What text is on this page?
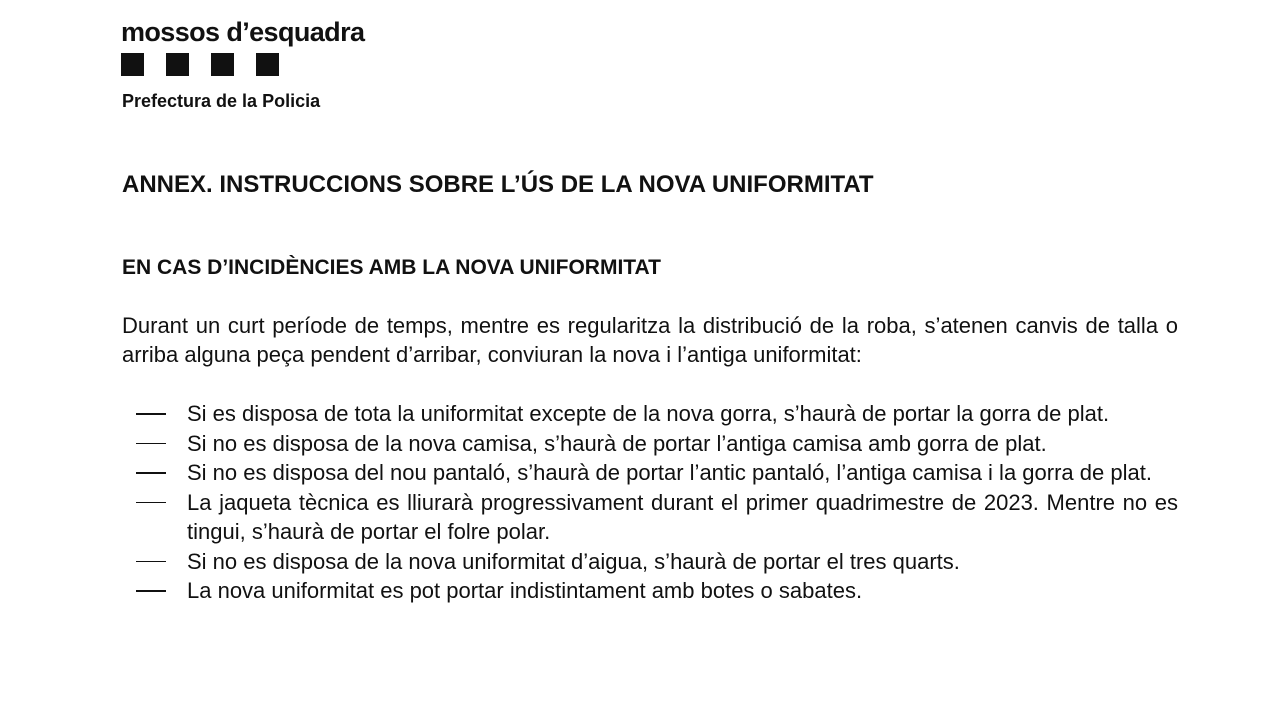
mossos d’esquadra
Prefectura de la Policia
ANNEX. INSTRUCCIONS SOBRE L’ÚS DE LA NOVA UNIFORMITAT
EN CAS D’INCIDÈNCIES AMB LA NOVA UNIFORMITAT

Durant un curt període de temps, mentre es regularitza la distribució de la roba, s’atenen canvis de talla o arriba alguna peça pendent d’arribar, conviuran la nova i l’antiga uniformitat:

Si es disposa de tota la uniformitat excepte de la nova gorra, s’haurà de portar la gorra de plat.
Si no es disposa de la nova camisa, s’haurà de portar l’antiga camisa amb gorra de plat.
Si no es disposa del nou pantaló, s’haurà de portar l’antic pantaló, l’antiga camisa i la gorra de plat.
La jaqueta tècnica es lliurarà progressivament durant el primer quadrimestre de 2023. Mentre no es tingui, s’haurà de portar el folre polar.
Si no es disposa de la nova uniformitat d’aigua, s’haurà de portar el tres quarts.
La nova uniformitat es pot portar indistintament amb botes o sabates.
